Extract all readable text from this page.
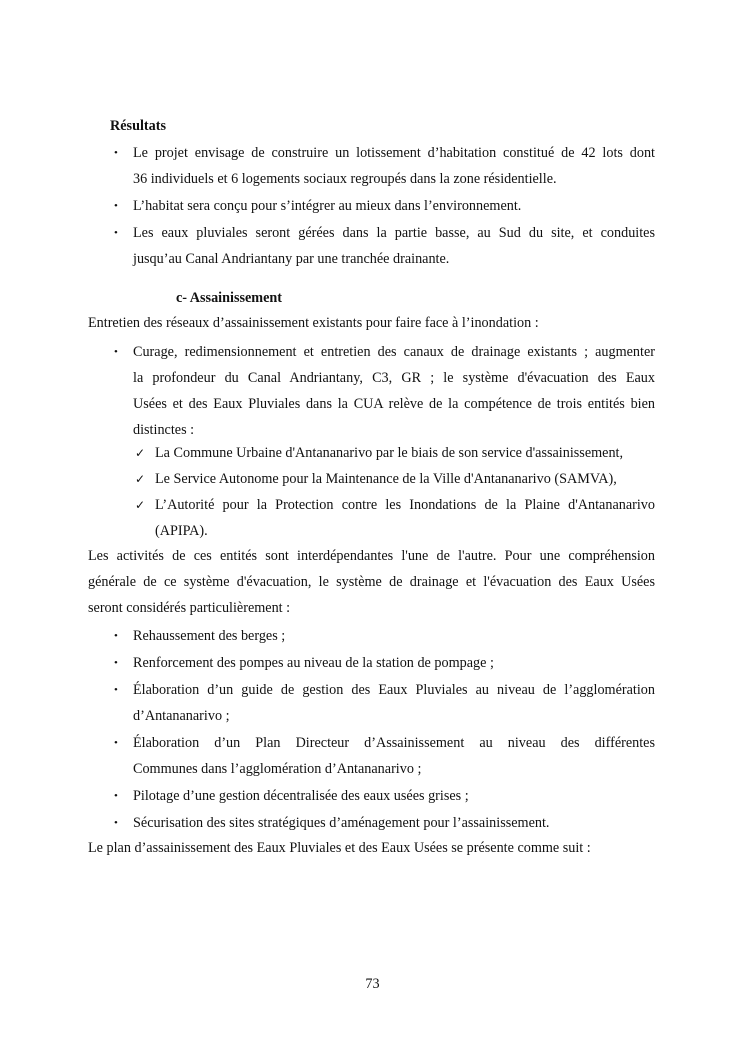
Résultats
• Le projet envisage de construire un lotissement d’habitation constitué de 42 lots dont
36 individuels et 6 logements sociaux regroupés dans la zone résidentielle.
• L’habitat sera conçu pour s’intégrer au mieux dans l’environnement.
• Les eaux pluviales seront gérées dans la partie basse, au Sud du site, et conduites
jusqu’au Canal Andriantany par une tranchée drainante.
c- Assainissement
Entretien des réseaux d’assainissement existants pour faire face à l’inondation :
• Curage, redimensionnement et entretien des canaux de drainage existants ; augmenter
la profondeur du Canal Andriantany, C3, GR ; le système d'évacuation des Eaux
Usées et des Eaux Pluviales dans la CUA relève de la compétence de trois entités bien
distinctes :
✓ La Commune Urbaine d'Antananarivo par le biais de son service d'assainissement,
✓ Le Service Autonome pour la Maintenance de la Ville d'Antananarivo (SAMVA),
✓ L’Autorité pour la Protection contre les Inondations de la Plaine d'Antananarivo
(APIPA).
Les activités de ces entités sont interdépendantes l'une de l'autre. Pour une compréhension
générale de ce système d'évacuation, le système de drainage et l'évacuation des Eaux Usées
seront considérés particulièrement :
• Rehaussement des berges ;
• Renforcement des pompes au niveau de la station de pompage ;
• Élaboration d’un guide de gestion des Eaux Pluviales au niveau de l’agglomération
d’Antananarivo ;
• Élaboration d’un Plan Directeur d’Assainissement au niveau des différentes
Communes dans l’agglomération d’Antananarivo ;
• Pilotage d’une gestion décentralisée des eaux usées grises ;
• Sécurisation des sites stratégiques d’aménagement pour l’assainissement.
Le plan d’assainissement des Eaux Pluviales et des Eaux Usées se présente comme suit :
73
